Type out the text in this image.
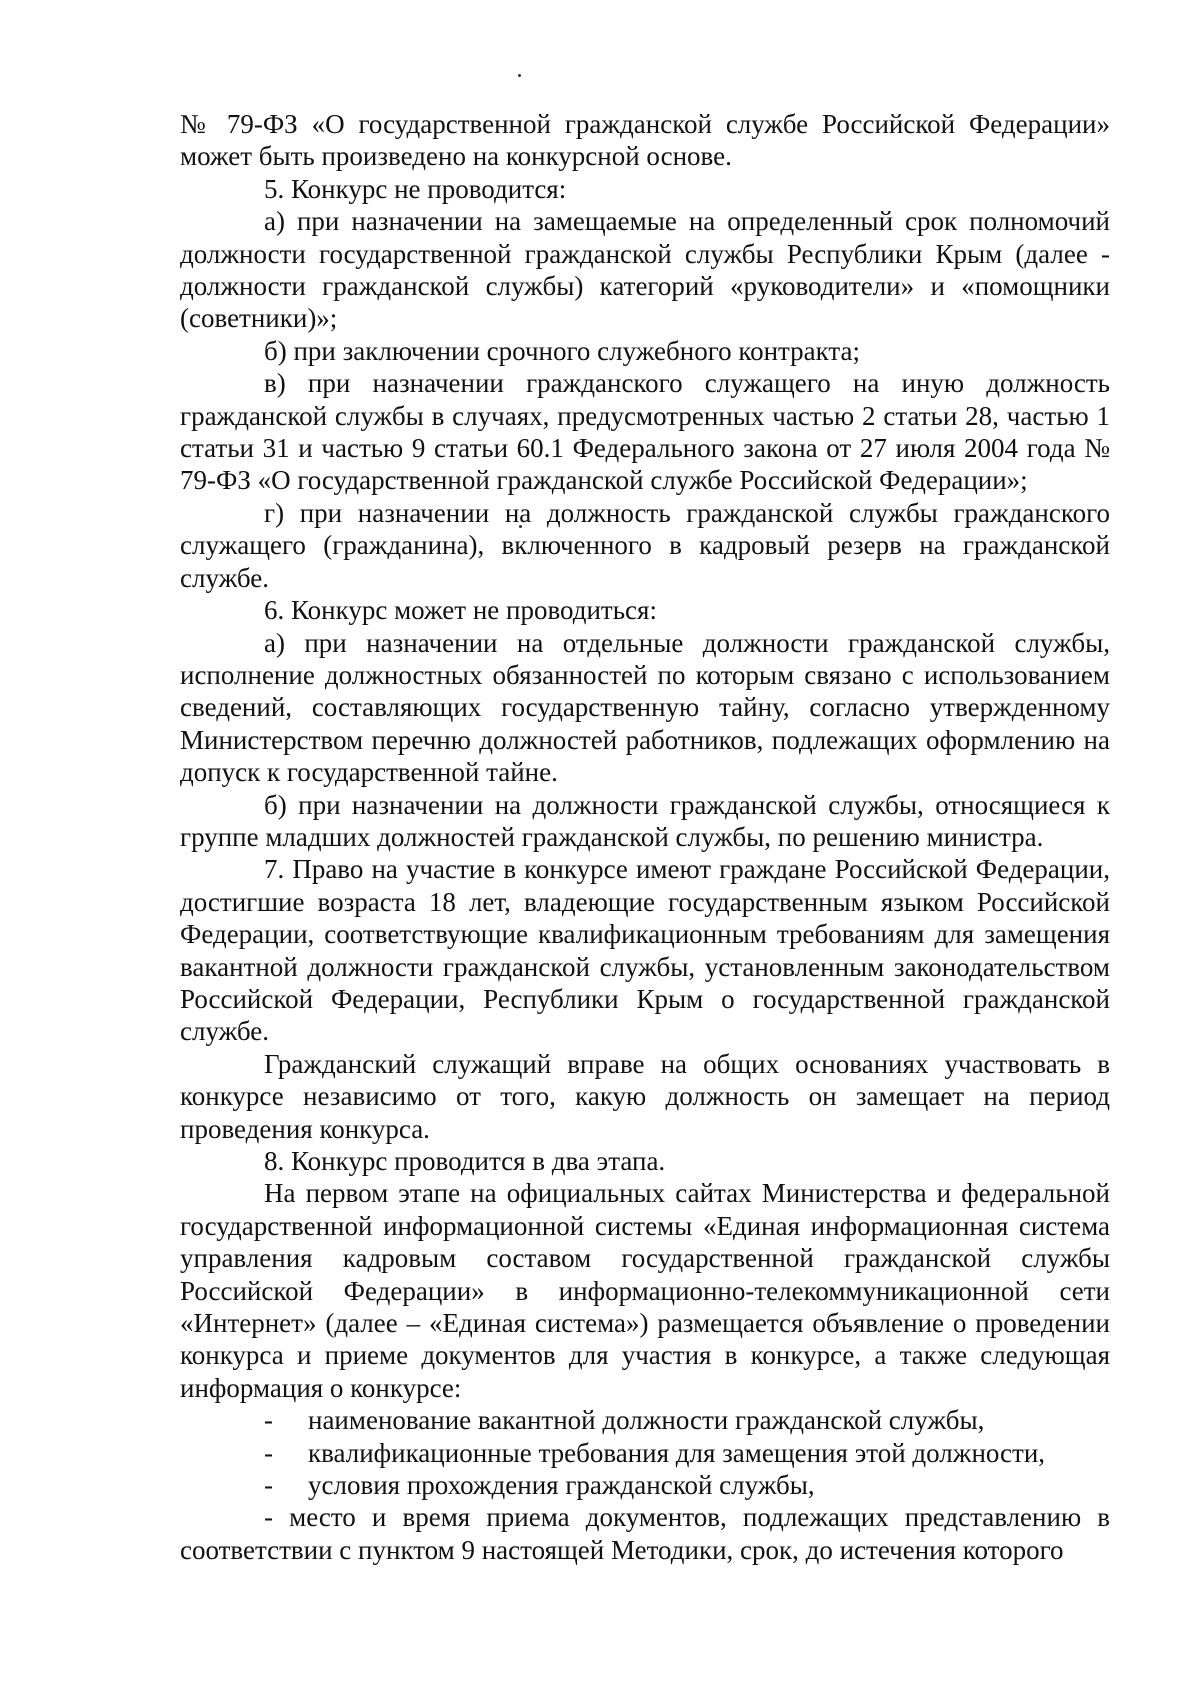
№ 79-ФЗ «О государственной гражданской службе Российской Федерации» может быть произведено на конкурсной основе.

5. Конкурс не проводится:

а) при назначении на замещаемые на определенный срок полномочий должности государственной гражданской службы Республики Крым (далее - должности гражданской службы) категорий «руководители» и «помощники (советники)»;

б) при заключении срочного служебного контракта;

в) при назначении гражданского служащего на иную должность гражданской службы в случаях, предусмотренных частью 2 статьи 28, частью 1 статьи 31 и частью 9 статьи 60.1 Федерального закона от 27 июля 2004 года № 79-ФЗ «О государственной гражданской службе Российской Федерации»;

г) при назначении на должность гражданской службы гражданского служащего (гражданина), включенного в кадровый резерв на гражданской службе.

6. Конкурс может не проводиться:

а) при назначении на отдельные должности гражданской службы, исполнение должностных обязанностей по которым связано с использованием сведений, составляющих государственную тайну, согласно утвержденному Министерством перечню должностей работников, подлежащих оформлению на допуск к государственной тайне.

б) при назначении на должности гражданской службы, относящиеся к группе младших должностей гражданской службы, по решению министра.

7. Право на участие в конкурсе имеют граждане Российской Федерации, достигшие возраста 18 лет, владеющие государственным языком Российской Федерации, соответствующие квалификационным требованиям для замещения вакантной должности гражданской службы, установленным законодательством Российской Федерации, Республики Крым о государственной гражданской службе.

Гражданский служащий вправе на общих основаниях участвовать в конкурсе независимо от того, какую должность он замещает на период проведения конкурса.

8. Конкурс проводится в два этапа.

На первом этапе на официальных сайтах Министерства и федеральной государственной информационной системы «Единая информационная система управления кадровым составом государственной гражданской службы Российской Федерации» в информационно-телекоммуникационной сети «Интернет» (далее – «Единая система») размещается объявление о проведении конкурса и приеме документов для участия в конкурсе, а также следующая информация о конкурсе:

- наименование вакантной должности гражданской службы,

- квалификационные требования для замещения этой должности,

- условия прохождения гражданской службы,

- место и время приема документов, подлежащих представлению в соответствии с пунктом 9 настоящей Методики, срок, до истечения которого
